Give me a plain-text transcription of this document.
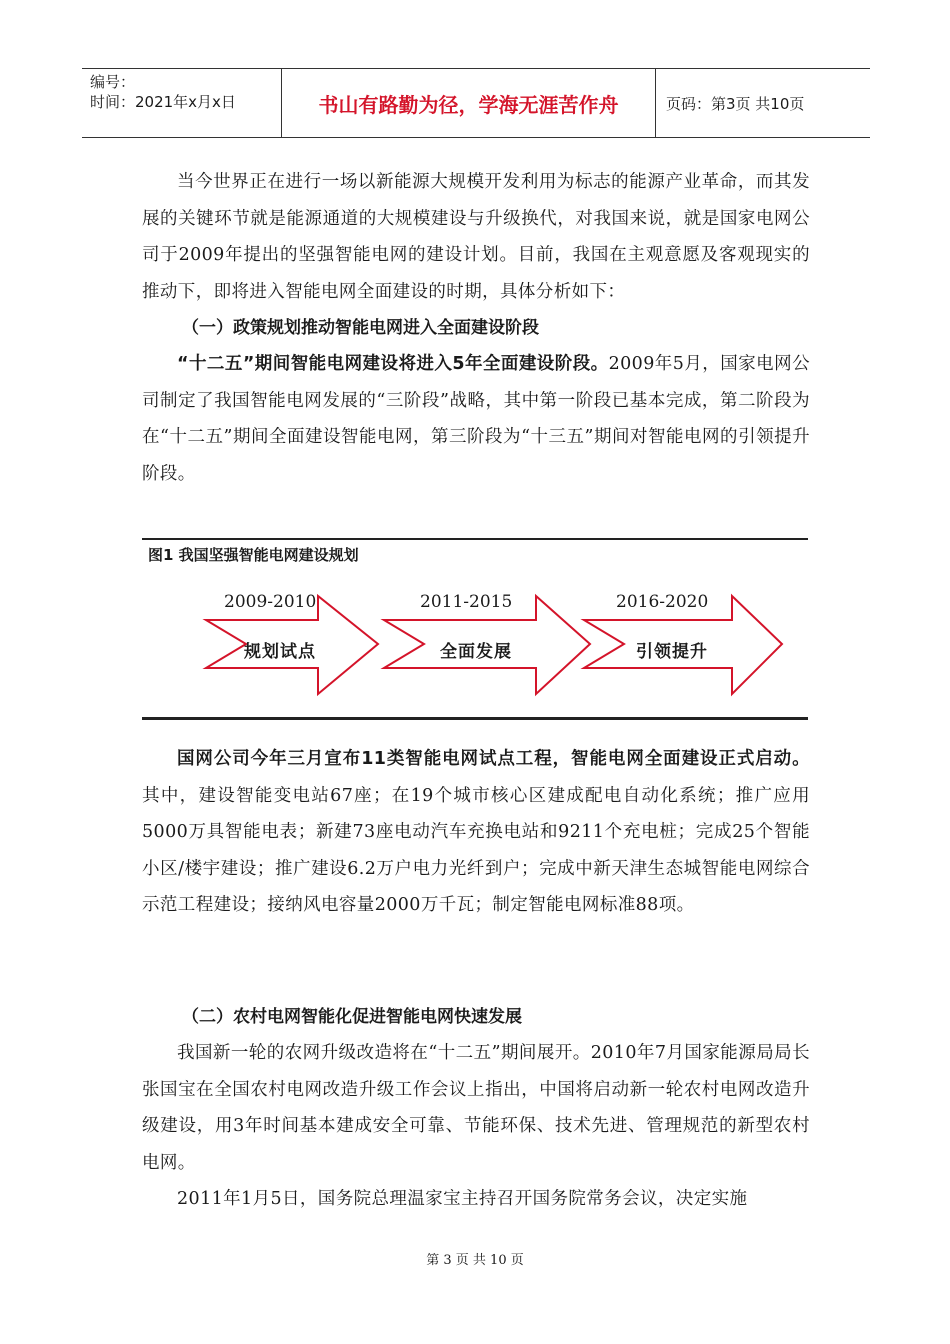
编号：
时间：2021年x月x日	书山有路勤为径，学海无涯苦作舟	页码：第3页 共10页

当今世界正在进行一场以新能源大规模开发利用为标志的能源产业革命，而其发展的关键环节就是能源通道的大规模建设与升级换代，对我国来说，就是国家电网公司于2009年提出的坚强智能电网的建设计划。目前，我国在主观意愿及客观现实的推动下，即将进入智能电网全面建设的时期，具体分析如下：

（一）政策规划推动智能电网进入全面建设阶段

“十二五”期间智能电网建设将进入5年全面建设阶段。2009年5月，国家电网公司制定了我国智能电网发展的“三阶段”战略，其中第一阶段已基本完成，第二阶段为在“十二五”期间全面建设智能电网，第三阶段为“十三五”期间对智能电网的引领提升阶段。

图1 我国坚强智能电网建设规划
2009-2010	2011-2015	2016-2020
规划试点	全面发展	引领提升

国网公司今年三月宣布11类智能电网试点工程，智能电网全面建设正式启动。其中，建设智能变电站67座；在19个城市核心区建成配电自动化系统；推广应用5000万具智能电表；新建73座电动汽车充换电站和9211个充电桩；完成25个智能小区/楼宇建设；推广建设6.2万户电力光纤到户；完成中新天津生态城智能电网综合示范工程建设；接纳风电容量2000万千瓦；制定智能电网标准88项。

（二）农村电网智能化促进智能电网快速发展

我国新一轮的农网升级改造将在“十二五”期间展开。2010年7月国家能源局局长张国宝在全国农村电网改造升级工作会议上指出，中国将启动新一轮农村电网改造升级建设，用3年时间基本建成安全可靠、节能环保、技术先进、管理规范的新型农村电网。

2011年1月5日，国务院总理温家宝主持召开国务院常务会议，决定实施

第 3 页 共 10 页
